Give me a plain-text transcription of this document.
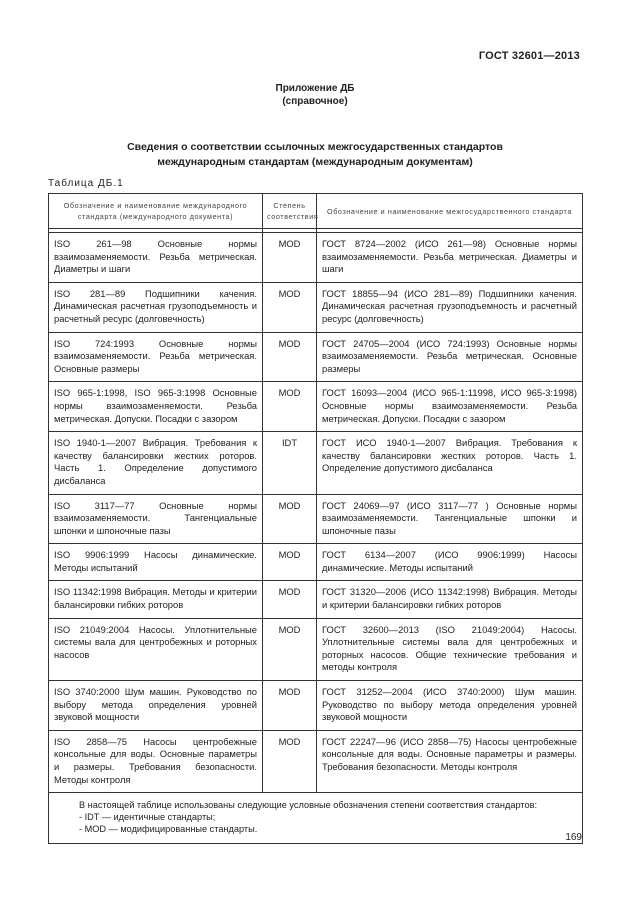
ГОСТ 32601—2013
Приложение ДБ
(справочное)
Сведения о соответствии ссылочных межгосударственных стандартов
международным стандартам (международным документам)
Таблица ДБ.1
Обозначение и наименование международного стандарта (международного документа)	Степень соответствия	Обозначение и наименование межгосударственного стандарта

ISO 261—98 Основные нормы взаимозаменяемости. Резьба метрическая. Диаметры и шаги	MOD	ГОСТ 8724—2002 (ИСО 261—98) Основные нормы взаимозаменяемости. Резьба метрическая. Диаметры и шаги
ISO 281—89 Подшипники качения. Динамическая расчетная грузоподъемность и расчетный ресурс (долговечность)	MOD	ГОСТ 18855—94 (ИСО 281—89) Подшипники качения. Динамическая расчетная грузоподъемность и расчетный ресурс (долговечность)
ISO 724:1993 Основные нормы взаимозаменяемости. Резьба метрическая. Основные размеры	MOD	ГОСТ 24705—2004 (ИСО 724:1993) Основные нормы взаимозаменяемости. Резьба метрическая. Основные размеры
ISO 965-1:1998, ISO 965-3:1998 Основные нормы взаимозаменяемости. Резьба метрическая. Допуски. Посадки с зазором	MOD	ГОСТ 16093—2004 (ИСО 965-1:11998, ИСО 965-3:1998) Основные нормы взаимозаменяемости. Резьба метрическая. Допуски. Посадки с зазором
ISO 1940-1—2007 Вибрация. Требования к качеству балансировки жестких роторов. Часть 1. Определение допустимого дисбаланса	IDT	ГОСТ ИСО 1940-1—2007 Вибрация. Требования к качеству балансировки жестких роторов. Часть 1. Определение допустимого дисбаланса
ISO 3117—77 Основные нормы взаимозаменяемости. Тангенциальные шпонки и шпоночные пазы	MOD	ГОСТ 24069—97 (ИСО 3117—77 ) Основные нормы взаимозаменяемости. Тангенциальные шпонки и шпоночные пазы
ISO 9906:1999 Насосы динамические. Методы испытаний	MOD	ГОСТ 6134—2007 (ИСО 9906:1999) Насосы динамические. Методы испытаний
ISO 11342:1998 Вибрация. Методы и критерии балансировки гибких роторов	MOD	ГОСТ 31320—2006 (ИСО 11342:1998) Вибрация. Методы и критерии балансировки гибких роторов
ISO 21049:2004 Насосы. Уплотнительные системы вала для центробежных и роторных насосов	MOD	ГОСТ 32600—2013 (ISO 21049:2004) Насосы. Уплотнительные системы вала для центробежных и роторных насосов. Общие технические требования и методы контроля
ISO 3740:2000 Шум машин. Руководство по выбору метода определения уровней звуковой мощности	MOD	ГОСТ 31252—2004 (ИСО 3740:2000) Шум машин. Руководство по выбору метода определения уровней звуковой мощности
ISO 2858—75 Насосы центробежные консольные для воды. Основные параметры и размеры. Требования безопасности. Методы контроля	MOD	ГОСТ 22247—96 (ИСО 2858—75) Насосы центробежные консольные для воды. Основные параметры и размеры. Требования безопасности. Методы контроля

В настоящей таблице использованы следующие условные обозначения степени соответствия стандартов:
- IDT — идентичные стандарты;
- MOD — модифицированные стандарты.		
169
